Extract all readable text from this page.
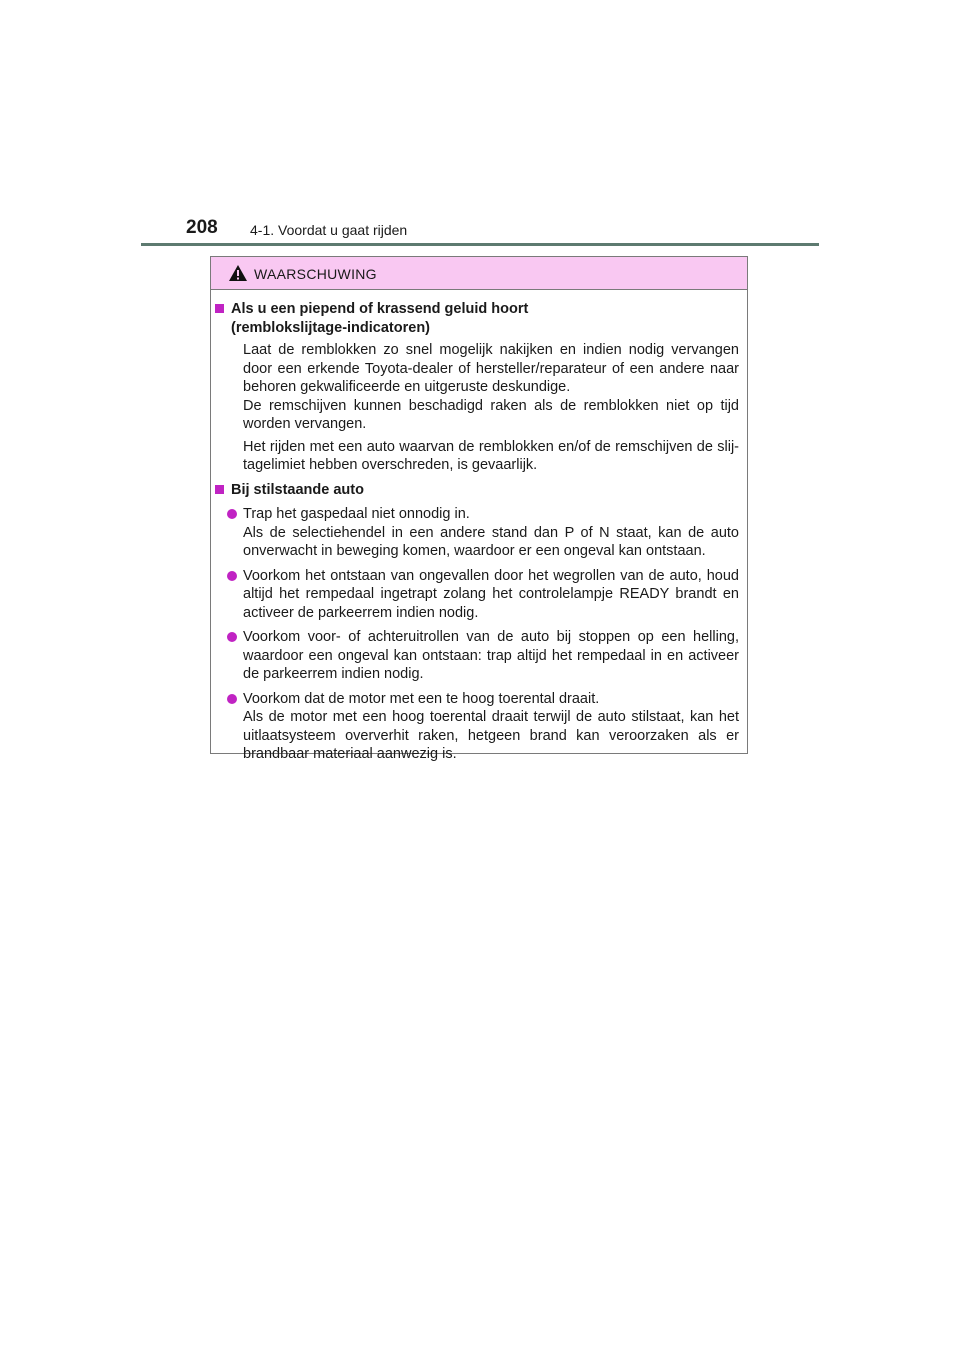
208 4-1. Voordat u gaat rijden
WAARSCHUWING
Als u een piepend of krassend geluid hoort
(remblokslijtage-indicatoren)
Laat de remblokken zo snel mogelijk nakijken en indien nodig vervangen door een erkende Toyota-dealer of hersteller/reparateur of een andere naar behoren gekwalificeerde en uitgeruste deskundige.
De remschijven kunnen beschadigd raken als de remblokken niet op tijd worden vervangen.
Het rijden met een auto waarvan de remblokken en/of de remschijven de slij-tagelimiet hebben overschreden, is gevaarlijk.
Bij stilstaande auto
Trap het gaspedaal niet onnodig in.
Als de selectiehendel in een andere stand dan P of N staat, kan de auto onverwacht in beweging komen, waardoor er een ongeval kan ontstaan.
Voorkom het ontstaan van ongevallen door het wegrollen van de auto, houd altijd het rempedaal ingetrapt zolang het controlelampje READY brandt en activeer de parkeerrem indien nodig.
Voorkom voor- of achteruitrollen van de auto bij stoppen op een helling, waardoor een ongeval kan ontstaan: trap altijd het rempedaal in en activeer de parkeerrem indien nodig.
Voorkom dat de motor met een te hoog toerental draait.
Als de motor met een hoog toerental draait terwijl de auto stilstaat, kan het uitlaatsysteem oververhit raken, hetgeen brand kan veroorzaken als er brandbaar materiaal aanwezig is.
